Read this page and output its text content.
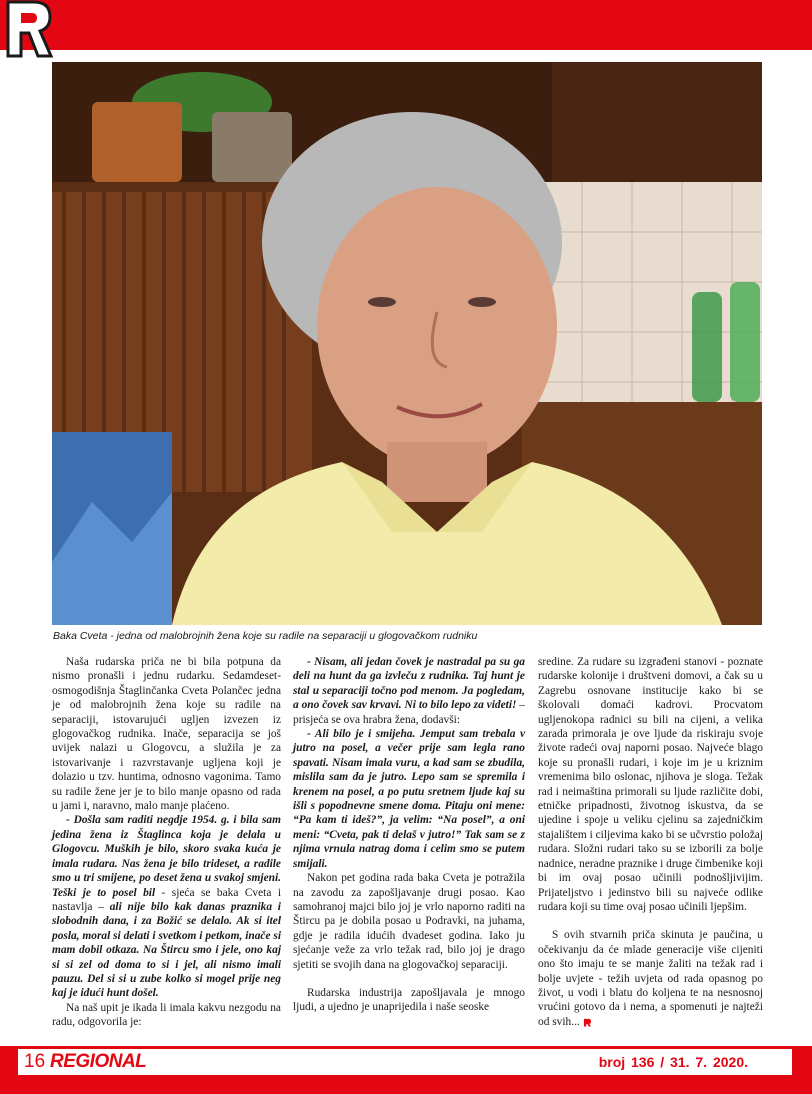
Baka Cveta - jedna od malobrojnih žena koje su radile na separaciji u glogovačkom rudniku

Naša rudarska priča ne bi bila potpuna da nismo pronašli i jednu rudarku. Sedamdeset-osmogodišnja Štaglinčanka Cveta Polančec jedna je od malobrojnih žena koje su radile na separaciji, istovarujući ugljen izvezen iz glogovačkog rudnika. Inače, separacija se još uvijek nalazi u Glogovcu, a služila je za istovarivanje i razvrstavanje ugljena koji je dolazio u tzv. huntima, odnosno vagonima. Tamo su radile žene jer je to bilo manje opasno od rada u jami i, naravno, malo manje plaćeno.

- Došla sam raditi negdje 1954. g. i bila sam jedina žena iz Štaglinca koja je delala u Glogovcu. Muških je bilo, skoro svaka kuća je imala rudara. Nas žena je bilo trideset, a radile smo u tri smijene, po deset žena u svakoj smjeni. Teški je to posel bil - sjeća se baka Cveta i nastavlja – ali nije bilo kak danas praznika i slobodnih dana, i za Božić se delalo. Ak si itel posla, moral si delati i svetkom i petkom, inače si mam dobil otkaza. Na Štircu smo i jele, ono kaj si si zel od doma to si i jel, ali nismo imali pauzu. Del si si u zube kolko si mogel prije neg kaj je idući hunt došel.

Na naš upit je ikada li imala kakvu nezgodu na radu, odgovorila je:

- Nisam, ali jedan čovek je nastradal pa su ga deli na hunt da ga izvleču z rudnika. Taj hunt je stal u separaciji točno pod menom. Ja pogledam, a ono čovek sav krvavi. Ni to bilo lepo za videti! – prisjeća se ova hrabra žena, dodavši:

- Ali bilo je i smijeha. Jemput sam trebala v jutro na posel, a večer prije sam legla rano spavati. Nisam imala vuru, a kad sam se zbudila, mislila sam da je jutro. Lepo sam se spremila i krenem na posel, a po putu sretnem ljude kaj su išli s popodnevne smene doma. Pitaju oni mene: “Pa kam ti ideš?”, ja velim: “Na posel”, a oni meni: “Cveta, pak ti delaš v jutro!” Tak sam se z njima vrnula natrag doma i celim smo se putem smijali.

Nakon pet godina rada baka Cveta je potražila na zavodu za zapošljavanje drugi posao. Kao samohranoj majci bilo joj je vrlo naporno raditi na Štircu pa je dobila posao u Podravki, na juhama, gdje je radila idućih dvadeset godina. Iako ju sjećanje veže za vrlo težak rad, bilo joj je drago sjetiti se svojih dana na glogovačkoj separaciji.

Rudarska industrija zapošljavala je mnogo ljudi, a ujedno je unaprijedila i naše seoske

sredine. Za rudare su izgrađeni stanovi - poznate rudarske kolonije i društveni domovi, a čak su u Zagrebu osnovane institucije kako bi se školovali domaći kadrovi. Procvatom ugljenokopa radnici su bili na cijeni, a velika zarada primorala je ove ljude da riskiraju svoje živote radeći ovaj naporni posao. Najveće blago koje su pronašli rudari, i koje im je u kriznim vremenima bilo oslonac, njihova je sloga. Težak rad i neimaština primorali su ljude različite dobi, etničke pripadnosti, životnog iskustva, da se ujedine i spoje u veliku cjelinu sa zajedničkim stajalištem i ciljevima kako bi se učvrstio položaj rudara. Složni rudari tako su se izborili za bolje nadnice, neradne praznike i druge čimbenike koji bi im ovaj posao učinili podnošljivijim. Prijateljstvo i jedinstvo bili su najveće odlike rudara koji su time ovaj posao učinili ljepšim.

S ovih stvarnih priča skinuta je paučina, u očekivanju da će mlade generacije više cijeniti ono što imaju te se manje žaliti na težak rad i bolje uvjete - težih uvjeta od rada opasnog po život, u vodi i blatu do koljena te na nesnosnoj vrućini gotovo da i nema, a spomenuti je najteži od svih...

16 REGIONAL	broj 136 / 31. 7. 2020.
